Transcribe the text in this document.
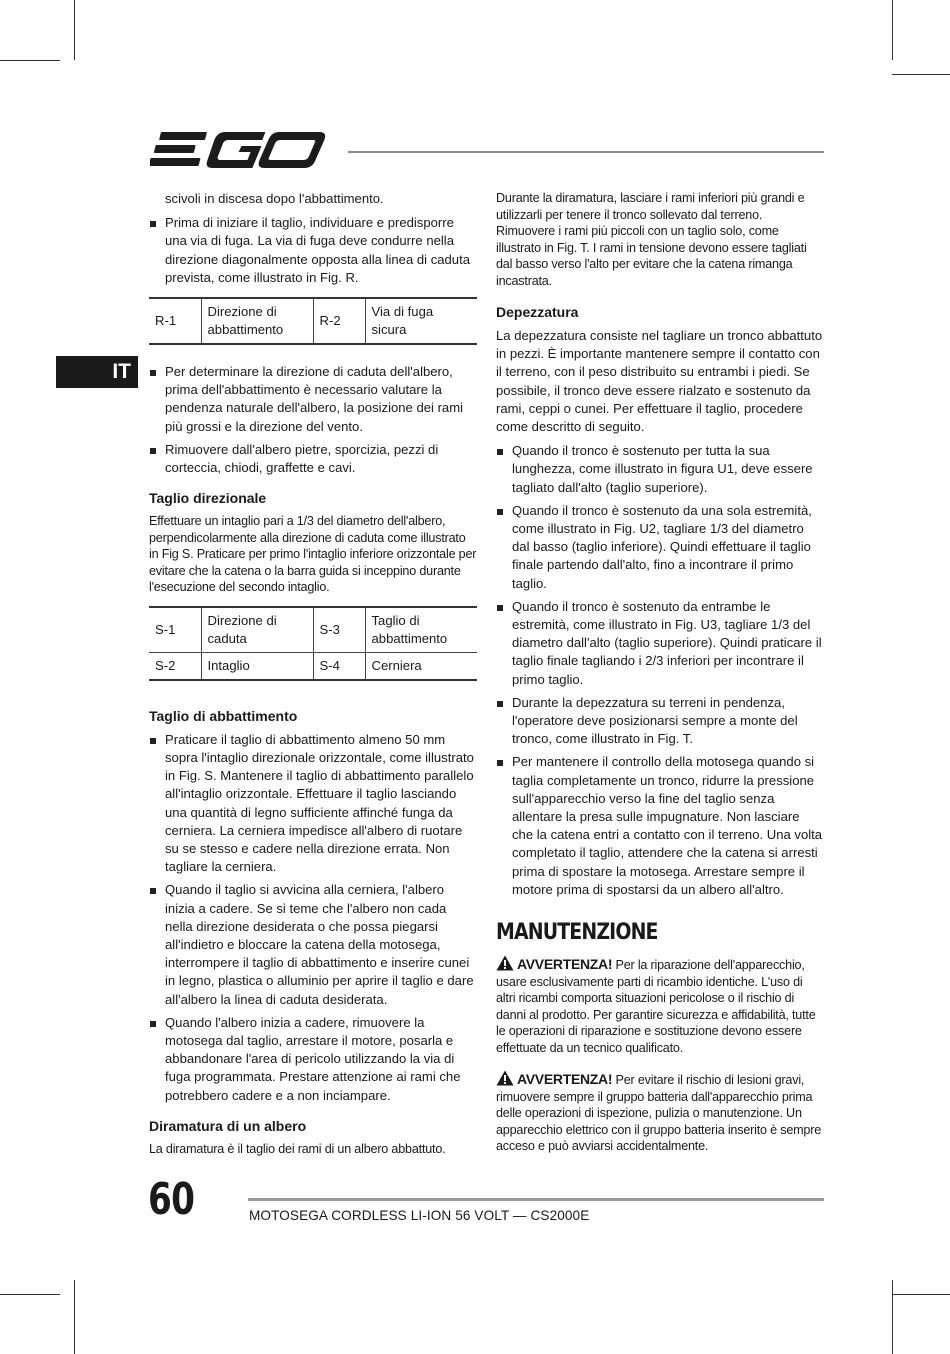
IT

scivoli in discesa dopo l'abbattimento.

Prima di iniziare il taglio, individuare e predisporre una via di fuga. La via di fuga deve condurre nella direzione diagonalmente opposta alla linea di caduta prevista, come illustrato in Fig. R.
R-1	Direzione di abbattimento	R-2	Via di fuga sicura
Per determinare la direzione di caduta dell'albero, prima dell'abbattimento è necessario valutare la pendenza naturale dell'albero, la posizione dei rami più grossi e la direzione del vento.
Rimuovere dall'albero pietre, sporcizia, pezzi di corteccia, chiodi, graffette e cavi.
Taglio direzionale

Effettuare un intaglio pari a 1/3 del diametro dell'albero, perpendicolarmente alla direzione di caduta come illustrato in Fig S. Praticare per primo l'intaglio inferiore orizzontale per evitare che la catena o la barra guida si inceppino durante l'esecuzione del secondo intaglio.

S-1	Direzione di caduta	S-3	Taglio di abbattimento
S-2	Intaglio	S-4	Cerniera
Taglio di abbattimento
Praticare il taglio di abbattimento almeno 50 mm sopra l'intaglio direzionale orizzontale, come illustrato in Fig. S. Mantenere il taglio di abbattimento parallelo all'intaglio orizzontale. Effettuare il taglio lasciando una quantità di legno sufficiente affinché funga da cerniera. La cerniera impedisce all'albero di ruotare su se stesso e cadere nella direzione errata. Non tagliare la cerniera.
Quando il taglio si avvicina alla cerniera, l'albero inizia a cadere. Se si teme che l'albero non cada nella direzione desiderata o che possa piegarsi all'indietro e bloccare la catena della motosega, interrompere il taglio di abbattimento e inserire cunei in legno, plastica o alluminio per aprire il taglio e dare all'albero la linea di caduta desiderata.
Quando l'albero inizia a cadere, rimuovere la motosega dal taglio, arrestare il motore, posarla e abbandonare l'area di pericolo utilizzando la via di fuga programmata. Prestare attenzione ai rami che potrebbero cadere e a non inciampare.
Diramatura di un albero

La diramatura è il taglio dei rami di un albero abbattuto.

Durante la diramatura, lasciare i rami inferiori più grandi e utilizzarli per tenere il tronco sollevato dal terreno. Rimuovere i rami più piccoli con un taglio solo, come illustrato in Fig. T. I rami in tensione devono essere tagliati dal basso verso l'alto per evitare che la catena rimanga incastrata.

Depezzatura

La depezzatura consiste nel tagliare un tronco abbattuto in pezzi. È importante mantenere sempre il contatto con il terreno, con il peso distribuito su entrambi i piedi. Se possibile, il tronco deve essere rialzato e sostenuto da rami, ceppi o cunei. Per effettuare il taglio, procedere come descritto di seguito.

Quando il tronco è sostenuto per tutta la sua lunghezza, come illustrato in figura U1, deve essere tagliato dall'alto (taglio superiore).
Quando il tronco è sostenuto da una sola estremità, come illustrato in Fig. U2, tagliare 1/3 del diametro dal basso (taglio inferiore). Quindi effettuare il taglio finale partendo dall'alto, fino a incontrare il primo taglio.
Quando il tronco è sostenuto da entrambe le estremità, come illustrato in Fig. U3, tagliare 1/3 del diametro dall'alto (taglio superiore). Quindi praticare il taglio finale tagliando i 2/3 inferiori per incontrare il primo taglio.
Durante la depezzatura su terreni in pendenza, l'operatore deve posizionarsi sempre a monte del tronco, come illustrato in Fig. T.
Per mantenere il controllo della motosega quando si taglia completamente un tronco, ridurre la pressione sull'apparecchio verso la fine del taglio senza allentare la presa sulle impugnature. Non lasciare che la catena entri a contatto con il terreno. Una volta completato il taglio, attendere che la catena si arresti prima di spostare la motosega. Arrestare sempre il motore prima di spostarsi da un albero all'altro.
MANUTENZIONE

AVVERTENZA! Per la riparazione dell'apparecchio, usare esclusivamente parti di ricambio identiche. L'uso di altri ricambi comporta situazioni pericolose o il rischio di danni al prodotto. Per garantire sicurezza e affidabilità, tutte le operazioni di riparazione e sostituzione devono essere effettuate da un tecnico qualificato.

AVVERTENZA! Per evitare il rischio di lesioni gravi, rimuovere sempre il gruppo batteria dall'apparecchio prima delle operazioni di ispezione, pulizia o manutenzione. Un apparecchio elettrico con il gruppo batteria inserito è sempre acceso e può avviarsi accidentalmente.

60	MOTOSEGA CORDLESS LI-ION 56 VOLT — CS2000E
